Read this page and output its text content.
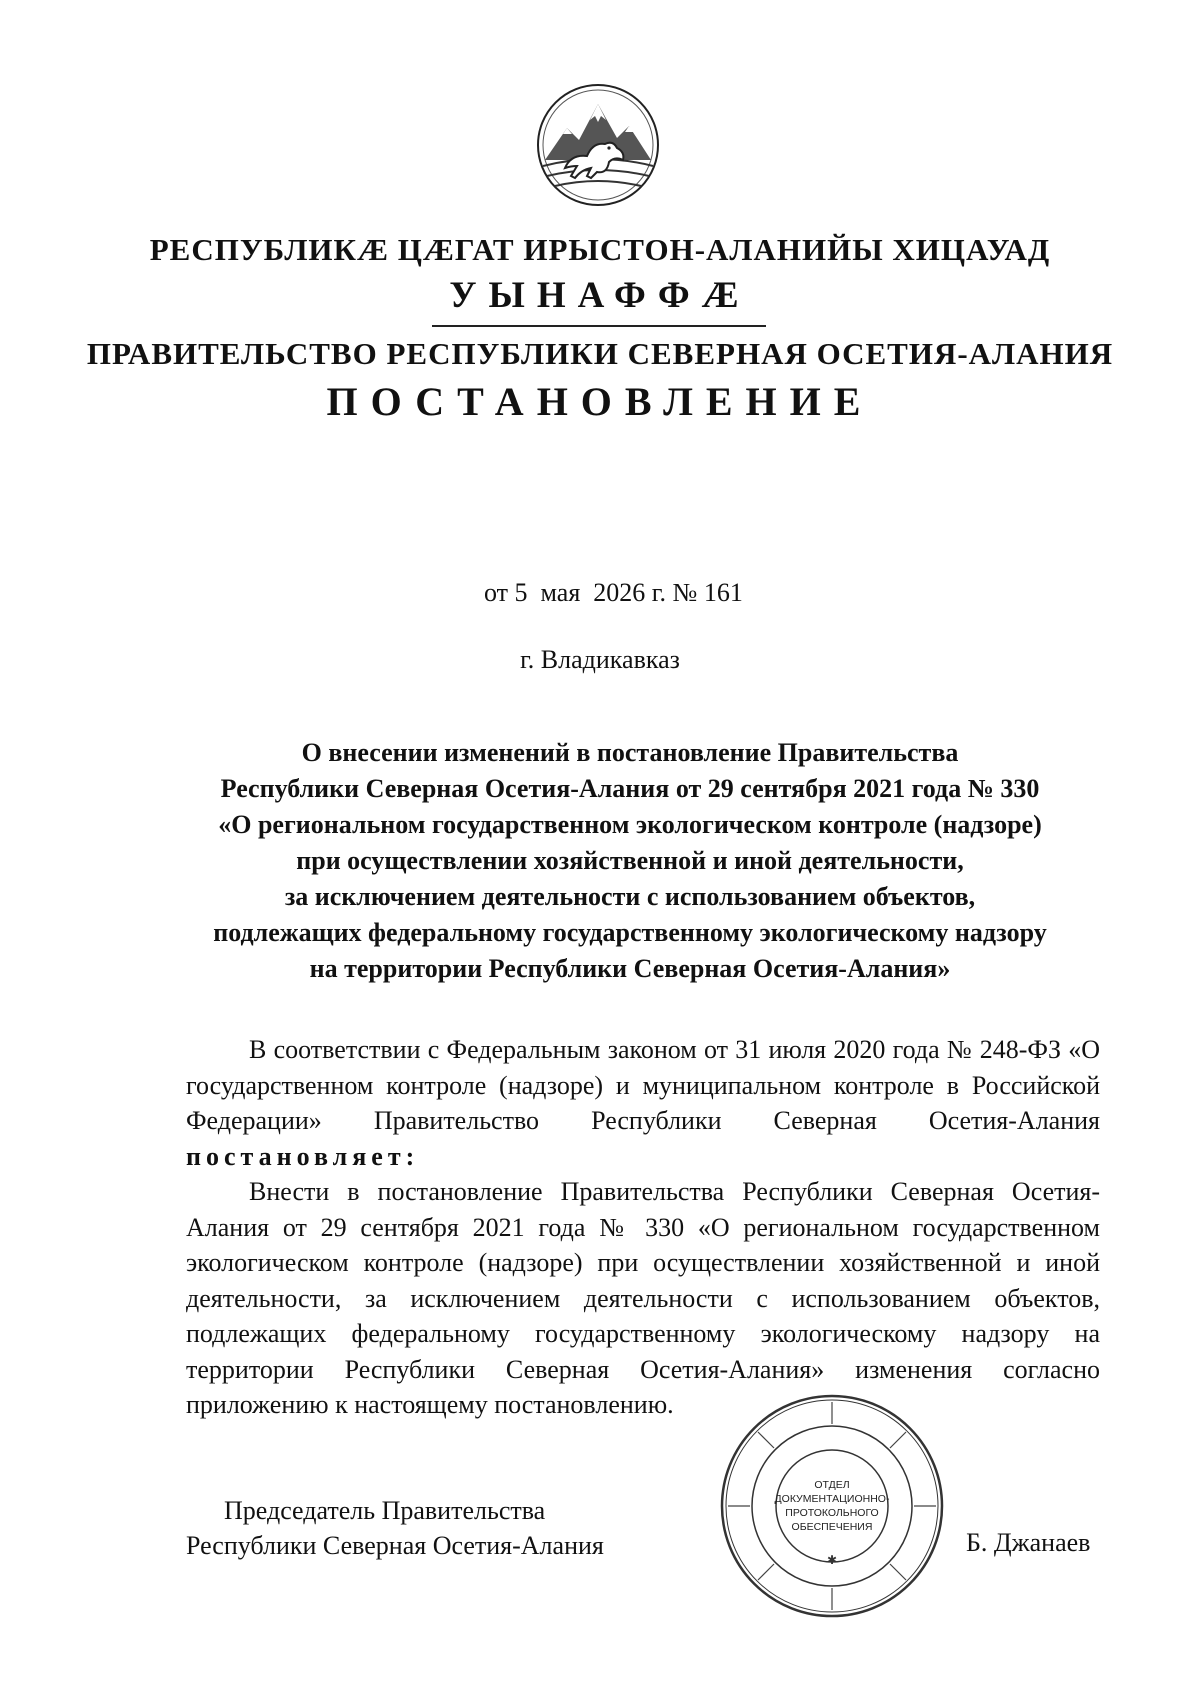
РЕСПУБЛИКӔ ЦӔГАТ ИРЫСТОН-АЛАНИЙЫ ХИЦАУАД
УЫНАФФӔ
ПРАВИТЕЛЬСТВО РЕСПУБЛИКИ СЕВЕРНАЯ ОСЕТИЯ-АЛАНИЯ
ПОСТАНОВЛЕНИЕ
от 5  мая  2026 г. № 161
г. Владикавказ
О внесении изменений в постановление Правительства
Республики Северная Осетия-Алания от 29 сентября 2021 года № 330
«О региональном государственном экологическом контроле (надзоре)
при осуществлении хозяйственной и иной деятельности,
за исключением деятельности с использованием объектов,
подлежащих федеральному государственному экологическому надзору
на территории Республики Северная Осетия-Алания»

В соответствии с Федеральным законом от 31 июля 2020 года № 248-ФЗ «О государственном контроле (надзоре) и муниципальном контроле в Российской Федерации» Правительство Республики Северная Осетия-Алания постановляет:

Внести в постановление Правительства Республики Северная Осетия-Алания от 29 сентября 2021 года № 330 «О региональном государственном экологическом контроле (надзоре) при осуществлении хозяйственной и иной деятельности, за исключением деятельности с использованием объектов, подлежащих федеральному государственному экологическому надзору на территории Республики Северная Осетия-Алания» изменения согласно приложению к настоящему постановлению.

ОТДЕЛ
ДОКУМЕНТАЦИОННО-
ПРОТОКОЛЬНОГО
ОБЕСПЕЧЕНИЯ
✱
Председатель Правительства
Республики Северная Осетия-Алания	Б. Джанаев
